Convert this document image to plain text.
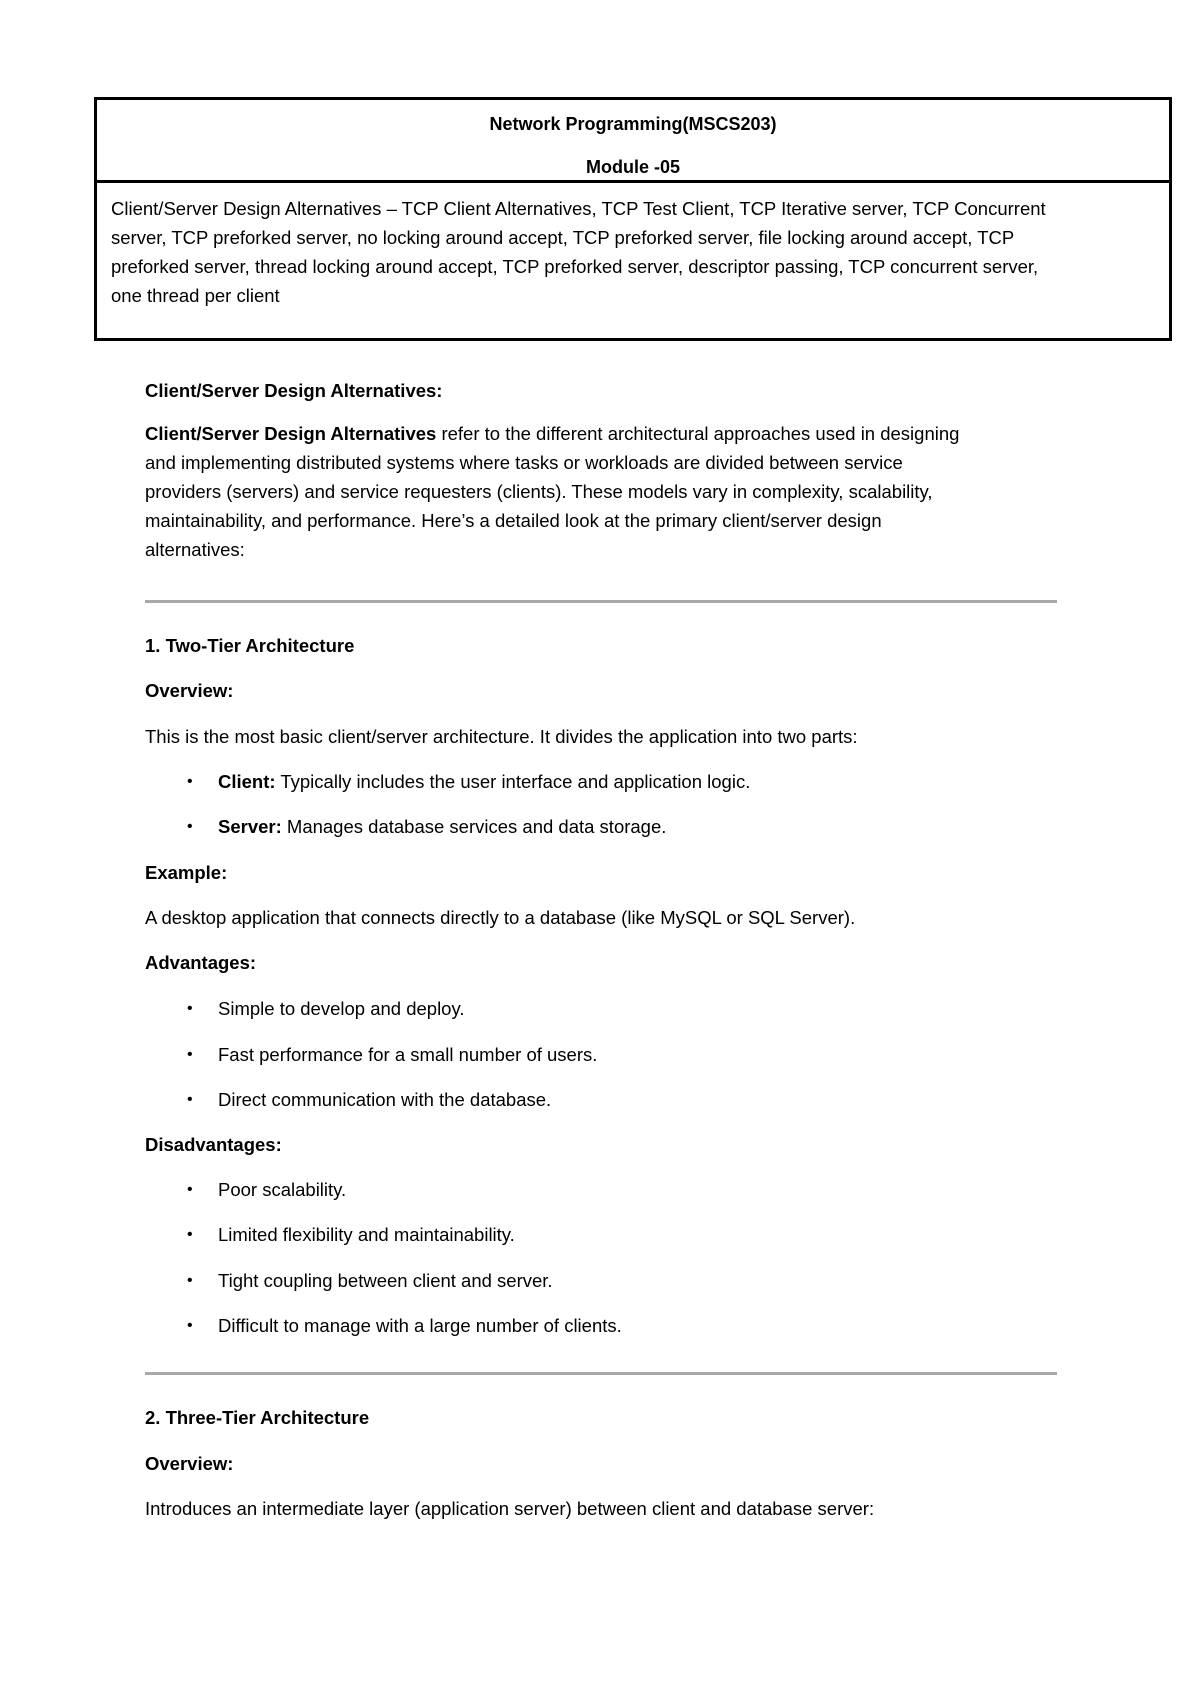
Network Programming(MSCS203)
Module -05
Client/Server Design Alternatives – TCP Client Alternatives, TCP Test Client, TCP Iterative server, TCP Concurrent
server, TCP preforked server, no locking around accept, TCP preforked server, file locking around accept, TCP
preforked server, thread locking around accept, TCP preforked server, descriptor passing, TCP concurrent server,
one thread per client
Client/Server Design Alternatives:
Client/Server Design Alternatives refer to the different architectural approaches used in designing
and implementing distributed systems where tasks or workloads are divided between service
providers (servers) and service requesters (clients). These models vary in complexity, scalability,
maintainability, and performance. Here’s a detailed look at the primary client/server design
alternatives:
1. Two-Tier Architecture
Overview:
This is the most basic client/server architecture. It divides the application into two parts:
• Client: Typically includes the user interface and application logic.
• Server: Manages database services and data storage.
Example:
A desktop application that connects directly to a database (like MySQL or SQL Server).
Advantages:
• Simple to develop and deploy.
• Fast performance for a small number of users.
• Direct communication with the database.
Disadvantages:
• Poor scalability.
• Limited flexibility and maintainability.
• Tight coupling between client and server.
• Difficult to manage with a large number of clients.
2. Three-Tier Architecture
Overview:
Introduces an intermediate layer (application server) between client and database server:
